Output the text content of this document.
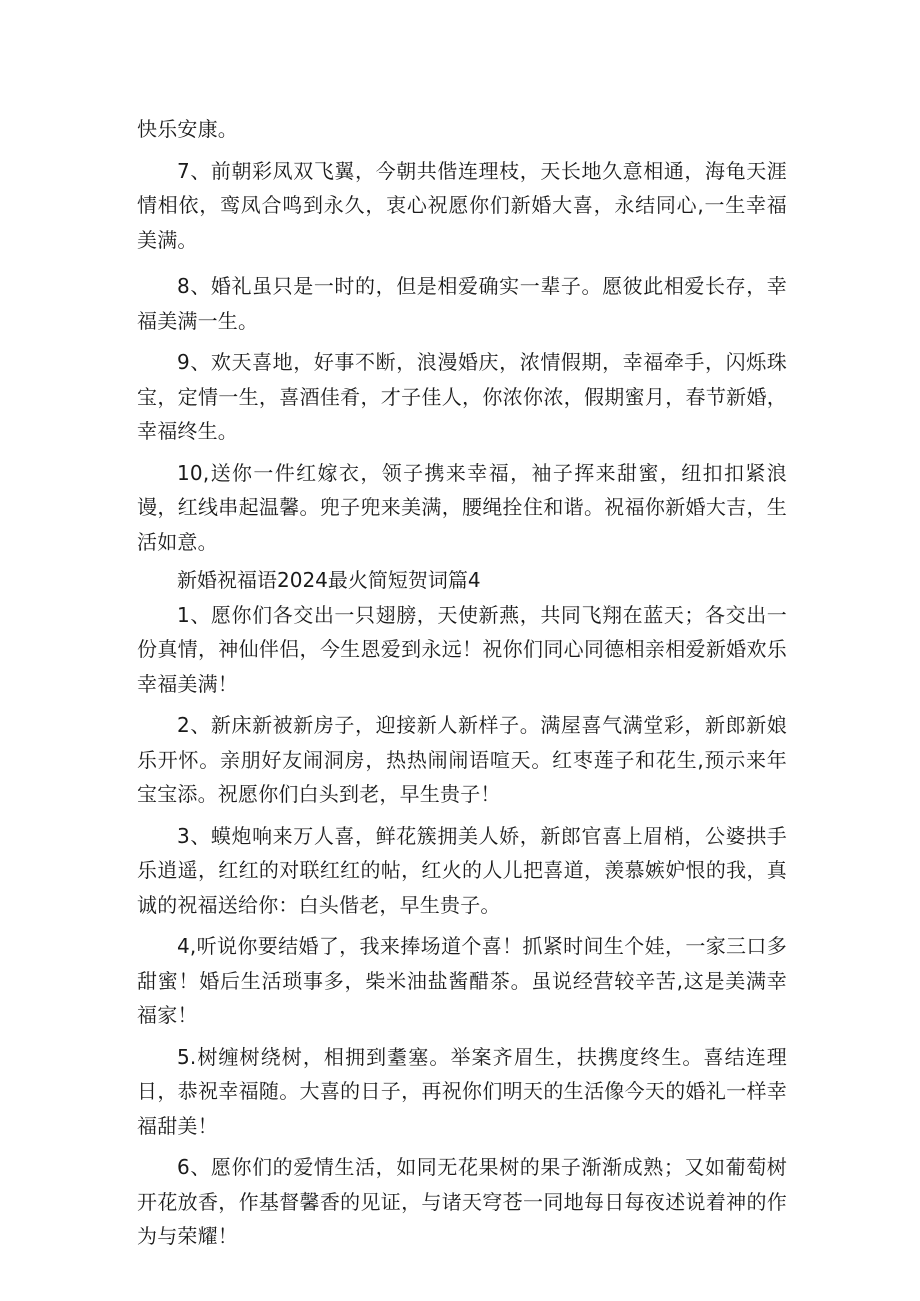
快乐安康。

7、前朝彩凤双飞翼，今朝共偕连理枝，天长地久意相通，海龟天涯情相依，鸾凤合鸣到永久，衷心祝愿你们新婚大喜，永结同心,一生幸福美满。

8、婚礼虽只是一时的，但是相爱确实一辈子。愿彼此相爱长存，幸福美满一生。

9、欢天喜地，好事不断，浪漫婚庆，浓情假期，幸福牵手，闪烁珠宝，定情一生，喜酒佳肴，才子佳人，你浓你浓，假期蜜月，春节新婚，幸福终生。

10,送你一件红嫁衣，领子携来幸福，袖子挥来甜蜜，纽扣扣紧浪谩，红线串起温馨。兜子兜来美满，腰绳拴住和谐。祝福你新婚大吉，生活如意。

新婚祝福语2024最火简短贺词篇4

1、愿你们各交出一只翅膀，天使新燕，共同飞翔在蓝天；各交出一份真情，神仙伴侣，今生恩爱到永远！祝你们同心同德相亲相爱新婚欢乐幸福美满！

2、新床新被新房子，迎接新人新样子。满屋喜气满堂彩，新郎新娘乐开怀。亲朋好友闹洞房，热热闹闹语喧天。红枣莲子和花生,预示来年宝宝添。祝愿你们白头到老，早生贵子！

3、蟆炮响来万人喜，鲜花簇拥美人娇，新郎官喜上眉梢，公婆拱手乐逍遥，红红的对联红红的帖，红火的人儿把喜道，羡慕嫉妒恨的我，真诚的祝福送给你：白头偕老，早生贵子。

4,听说你要结婚了，我来捧场道个喜！抓紧时间生个娃，一家三口多甜蜜！婚后生活琐事多，柴米油盐酱醋茶。虽说经营较辛苦,这是美满幸福家！

5.树缠树绕树，相拥到耋塞。举案齐眉生，扶携度终生。喜结连理日，恭祝幸福随。大喜的日子，再祝你们明天的生活像今天的婚礼一样幸福甜美！

6、愿你们的爱情生活，如同无花果树的果子渐渐成熟；又如葡萄树开花放香，作基督馨香的见证，与诸天穹苍一同地每日每夜述说着神的作为与荣耀！
